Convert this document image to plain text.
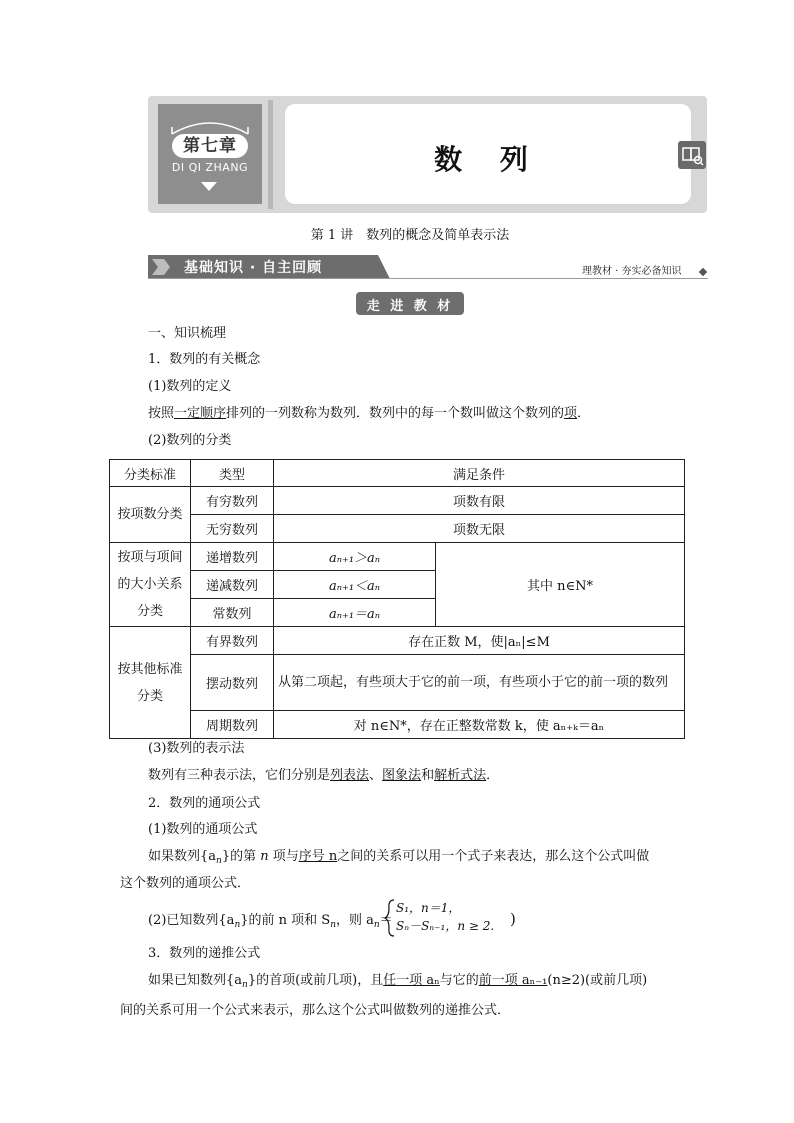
第七章
DI QI ZHANG	数 列
第 1 讲　数列的概念及简单表示法
基础知识 · 自主回顾	理教材 · 夯实必备知识
走 进 教 材
一、知识梳理
1．数列的有关概念
(1)数列的定义
按照一定顺序排列的一列数称为数列．数列中的每一个数叫做这个数列的项．
(2)数列的分类
分类标准	类型	满足条件	
按项数分类	有穷数列	项数有限	
	无穷数列	项数无限	
按项与项间的大小关系分类	递增数列	aₙ₊₁＞aₙ	其中 n∈N*
	递减数列	aₙ₊₁＜aₙ	
	常数列	aₙ₊₁＝aₙ	
按其他标准分类	有界数列	存在正数 M，使|aₙ|≤M	
	摆动数列	从第二项起，有些项大于它的前一项，有些项小于它的前一项的数列	
	周期数列	对 n∈N*，存在正整数常数 k，使 aₙ₊ₖ＝aₙ	
(3)数列的表示法
数列有三种表示法，它们分别是列表法、图象法和解析式法．
2．数列的通项公式
(1)数列的通项公式
如果数列$\{a_n\}$的第 n 项与序号 n之间的关系可以用一个式子来表达，那么这个公式叫做
这个数列的通项公式．
(2)已知数列$\{a_n\}$的前 n 项和 $S_n$，则 $a_n=$
S₁，n＝1，
Sₙ－Sₙ₋₁，n ≥ 2. )
3．数列的递推公式
如果已知数列$\{a_n\}$的首项(或前几项)，且任一项 aₙ与它的前一项 aₙ₋₁(n≥2)(或前几项)
间的关系可用一个公式来表示，那么这个公式叫做数列的递推公式．
